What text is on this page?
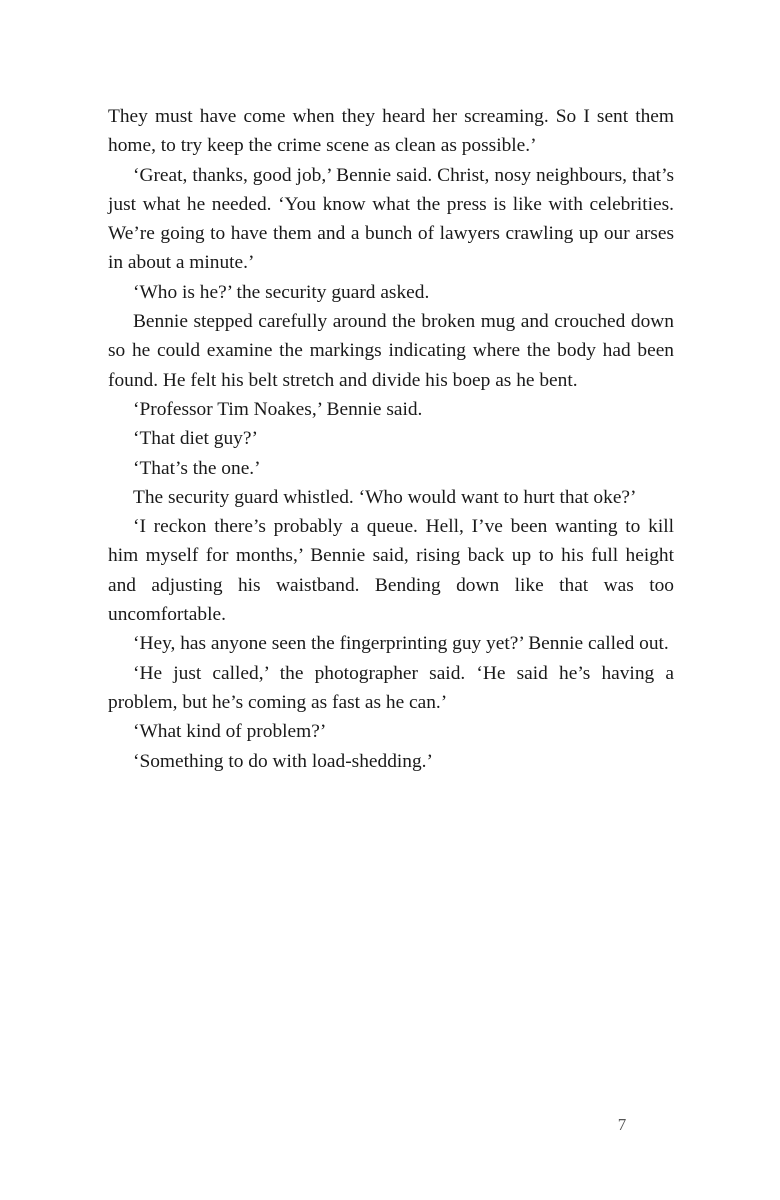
They must have come when they heard her screaming. So I sent them home, to try keep the crime scene as clean as possible.’

‘Great, thanks, good job,’ Bennie said. Christ, nosy neighbours, that’s just what he needed. ‘You know what the press is like with celebrities. We’re going to have them and a bunch of lawyers crawling up our arses in about a minute.’

‘Who is he?’ the security guard asked.

Bennie stepped carefully around the broken mug and crouched down so he could examine the markings indicating where the body had been found. He felt his belt stretch and divide his boep as he bent.

‘Professor Tim Noakes,’ Bennie said.

‘That diet guy?’

‘That’s the one.’

The security guard whistled. ‘Who would want to hurt that oke?’

‘I reckon there’s probably a queue. Hell, I’ve been wanting to kill him myself for months,’ Bennie said, rising back up to his full height and adjusting his waistband. Bending down like that was too uncomfortable.

‘Hey, has anyone seen the fingerprinting guy yet?’ Bennie called out.

‘He just called,’ the photographer said. ‘He said he’s having a problem, but he’s coming as fast as he can.’

‘What kind of problem?’

‘Something to do with load-shedding.’

7
